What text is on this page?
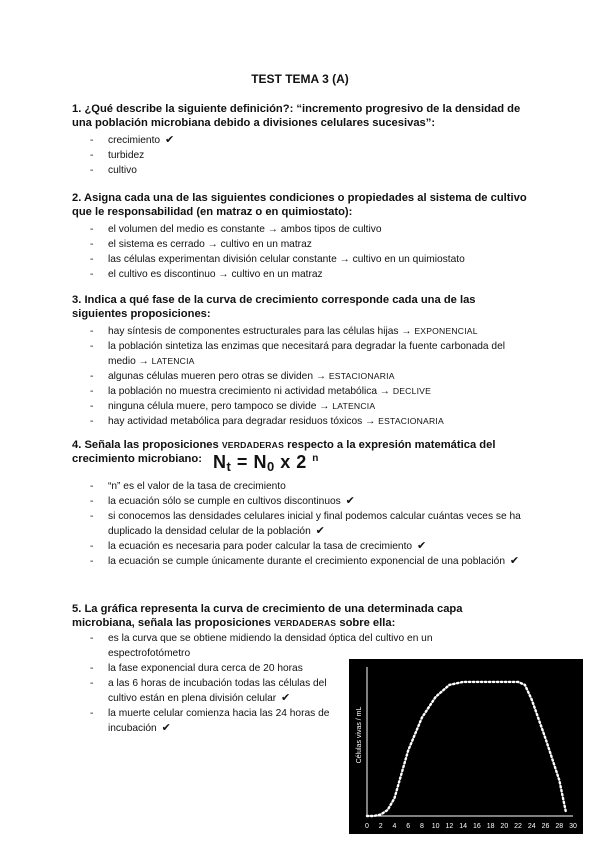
TEST TEMA 3 (A)
1. ¿Qué describe la siguiente definición?: “incremento progresivo de la densidad de una población microbiana debido a divisiones celulares sucesivas”:
- crecimiento ✔
- turbidez
- cultivo
2. Asigna cada una de las siguientes condiciones o propiedades al sistema de cultivo que le responsabilidad (en matraz o en quimiostato):
- el volumen del medio es constante → ambos tipos de cultivo
- el sistema es cerrado → cultivo en un matraz
- las células experimentan división celular constante → cultivo en un quimiostato
- el cultivo es discontinuo → cultivo en un matraz
3. Indica a qué fase de la curva de crecimiento corresponde cada una de las siguientes proposiciones:
- hay síntesis de componentes estructurales para las células hijas → EXPONENCIAL
- la población sintetiza las enzimas que necesitará para degradar la fuente carbonada del medio → LATENCIA
- algunas células mueren pero otras se dividen → ESTACIONARIA
- la población no muestra crecimiento ni actividad metabólica → DECLIVE
- ninguna célula muere, pero tampoco se divide → LATENCIA
- hay actividad metabólica para degradar residuos tóxicos → ESTACIONARIA
4. Señala las proposiciones VERDADERAS respecto a la expresión matemática del crecimiento microbiano: $N_t = N_0$ x 2 $^n$
- “n” es el valor de la tasa de crecimiento
- la ecuación sólo se cumple en cultivos discontinuos ✔
- si conocemos las densidades celulares inicial y final podemos calcular cuántas veces se ha duplicado la densidad celular de la población ✔
- la ecuación es necesaria para poder calcular la tasa de crecimiento ✔
- la ecuación se cumple únicamente durante el crecimiento exponencial de una población ✔
5. La gráfica representa la curva de crecimiento de una determinada capa microbiana, señala las proposiciones VERDADERAS sobre ella:
- es la curva que se obtiene midiendo la densidad óptica del cultivo en un espectrofotómetro
- la fase exponencial dura cerca de 20 horas
- a las 6 horas de incubación todas las células del cultivo están en plena división celular ✔
- la muerte celular comienza hacia las 24 horas de incubación ✔
0 2 4 6 8 10 12 14 16 18 20 22 24 26 28 30
Células vivas / mL
